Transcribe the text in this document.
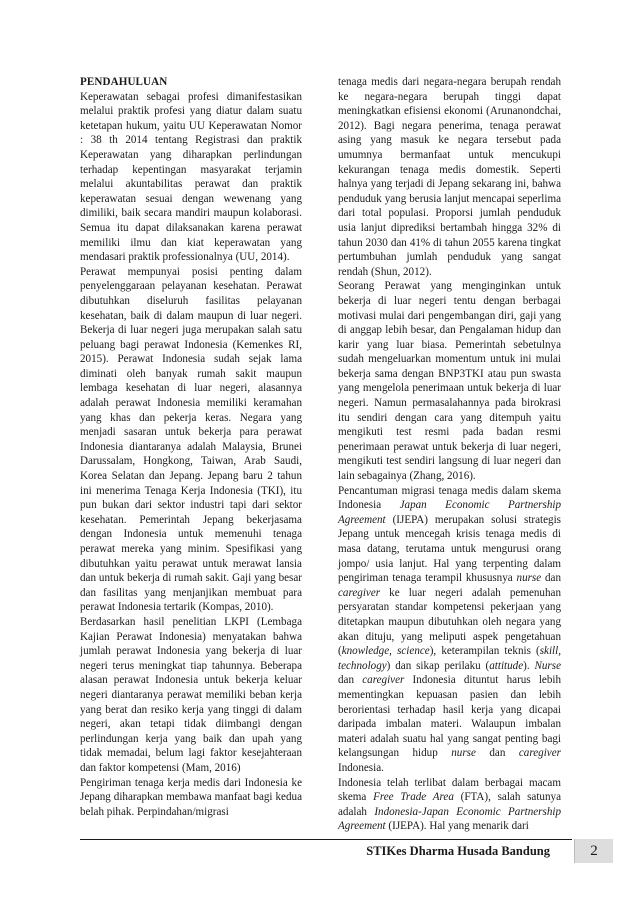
PENDAHULUAN

Keperawatan sebagai profesi dimanifestasikan melalui praktik profesi yang diatur dalam suatu ketetapan hukum, yaitu UU Keperawatan Nomor : 38 th 2014 tentang Registrasi dan praktik Keperawatan yang diharapkan perlindungan terhadap kepentingan masyarakat terjamin melalui akuntabilitas perawat dan praktik keperawatan sesuai dengan wewenang yang dimiliki, baik secara mandiri maupun kolaborasi. Semua itu dapat dilaksanakan karena perawat memiliki ilmu dan kiat keperawatan yang mendasari praktik professionalnya (UU, 2014).

Perawat mempunyai posisi penting dalam penyelenggaraan pelayanan kesehatan. Perawat dibutuhkan diseluruh fasilitas pelayanan kesehatan, baik di dalam maupun di luar negeri. Bekerja di luar negeri juga merupakan salah satu peluang bagi perawat Indonesia (Kemenkes RI, 2015). Perawat Indonesia sudah sejak lama diminati oleh banyak rumah sakit maupun lembaga kesehatan di luar negeri, alasannya adalah perawat Indonesia memiliki keramahan yang khas dan pekerja keras. Negara yang menjadi sasaran untuk bekerja para perawat Indonesia diantaranya adalah Malaysia, Brunei Darussalam, Hongkong, Taiwan, Arab Saudi, Korea Selatan dan Jepang. Jepang baru 2 tahun ini menerima Tenaga Kerja Indonesia (TKI), itu pun bukan dari sektor industri tapi dari sektor kesehatan. Pemerintah Jepang bekerjasama dengan Indonesia untuk memenuhi tenaga perawat mereka yang minim. Spesifikasi yang dibutuhkan yaitu perawat untuk merawat lansia dan untuk bekerja di rumah sakit. Gaji yang besar dan fasilitas yang menjanjikan membuat para perawat Indonesia tertarik (Kompas, 2010).

Berdasarkan hasil penelitian LKPI (Lembaga Kajian Perawat Indonesia) menyatakan bahwa jumlah perawat Indonesia yang bekerja di luar negeri terus meningkat tiap tahunnya. Beberapa alasan perawat Indonesia untuk bekerja keluar negeri diantaranya perawat memiliki beban kerja yang berat dan resiko kerja yang tinggi di dalam negeri, akan tetapi tidak diimbangi dengan perlindungan kerja yang baik dan upah yang tidak memadai, belum lagi faktor kesejahteraan dan faktor kompetensi (Mam, 2016)

Pengiriman tenaga kerja medis dari Indonesia ke Jepang diharapkan membawa manfaat bagi kedua belah pihak. Perpindahan/migrasi

tenaga medis dari negara-negara berupah rendah ke negara-negara berupah tinggi dapat meningkatkan efisiensi ekonomi (Arunanondchai, 2012). Bagi negara penerima, tenaga perawat asing yang masuk ke negara tersebut pada umumnya bermanfaat untuk mencukupi kekurangan tenaga medis domestik. Seperti halnya yang terjadi di Jepang sekarang ini, bahwa penduduk yang berusia lanjut mencapai seperlima dari total populasi. Proporsi jumlah penduduk usia lanjut diprediksi bertambah hingga 32% di tahun 2030 dan 41% di tahun 2055 karena tingkat pertumbuhan jumlah penduduk yang sangat rendah (Shun, 2012).

Seorang Perawat yang menginginkan untuk bekerja di luar negeri tentu dengan berbagai motivasi mulai dari pengembangan diri, gaji yang di anggap lebih besar, dan Pengalaman hidup dan karir yang luar biasa. Pemerintah sebetulnya sudah mengeluarkan momentum untuk ini mulai bekerja sama dengan BNP3TKI atau pun swasta yang mengelola penerimaan untuk bekerja di luar negeri. Namun permasalahannya pada birokrasi itu sendiri dengan cara yang ditempuh yaitu mengikuti test resmi pada badan resmi penerimaan perawat untuk bekerja di luar negeri, mengikuti test sendiri langsung di luar negeri dan lain sebagainya (Zhang, 2016).

Pencantuman migrasi tenaga medis dalam skema Indonesia Japan Economic Partnership Agreement (IJEPA) merupakan solusi strategis Jepang untuk mencegah krisis tenaga medis di masa datang, terutama untuk mengurusi orang jompo/ usia lanjut. Hal yang terpenting dalam pengiriman tenaga terampil khususnya nurse dan caregiver ke luar negeri adalah pemenuhan persyaratan standar kompetensi pekerjaan yang ditetapkan maupun dibutuhkan oleh negara yang akan dituju, yang meliputi aspek pengetahuan (knowledge, science), keterampilan teknis (skill, technology) dan sikap perilaku (attitude). Nurse dan caregiver Indonesia dituntut harus lebih mementingkan kepuasan pasien dan lebih berorientasi terhadap hasil kerja yang dicapai daripada imbalan materi. Walaupun imbalan materi adalah suatu hal yang sangat penting bagi kelangsungan hidup nurse dan caregiver Indonesia.

Indonesia telah terlibat dalam berbagai macam skema Free Trade Area (FTA), salah satunya adalah Indonesia-Japan Economic Partnership Agreement (IJEPA). Hal yang menarik dari

STIKes Dharma Husada Bandung	2
